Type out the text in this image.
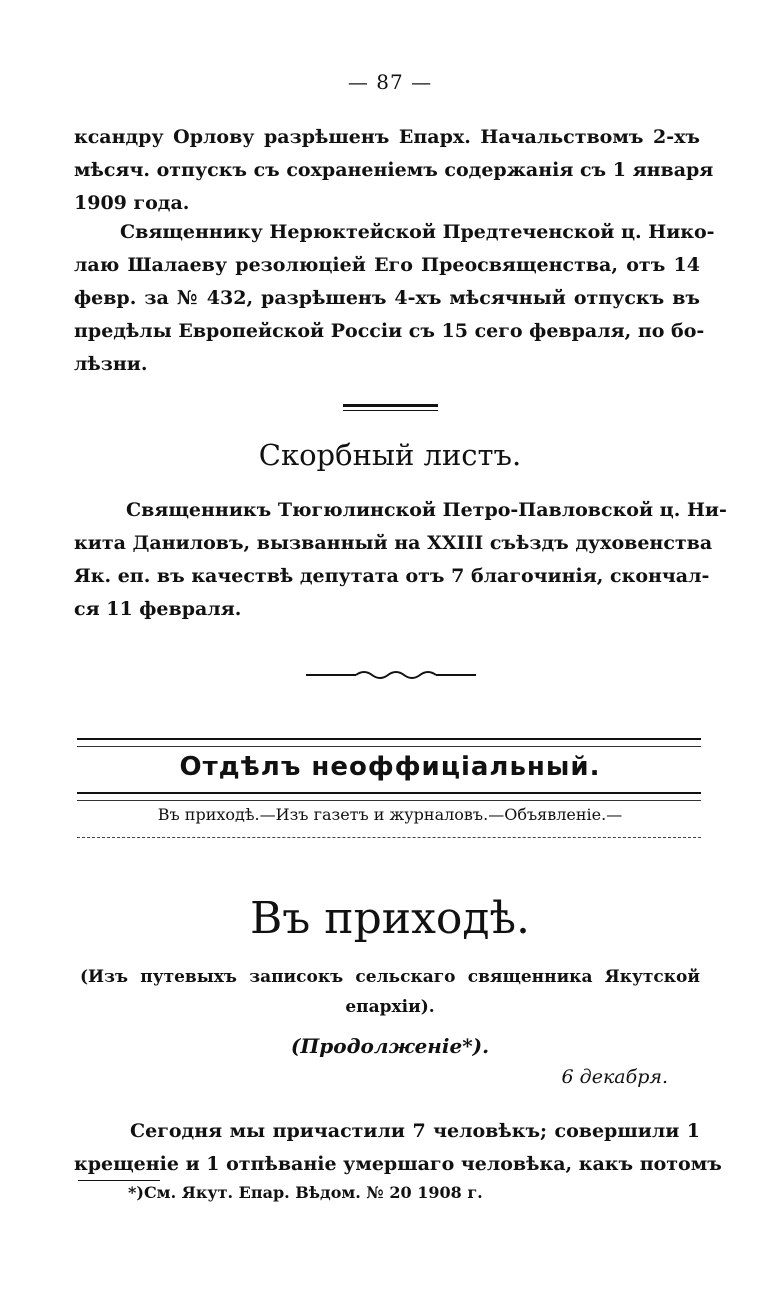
— 87 —
ксандру Орлову разрѣшенъ Епарх. Начальствомъ 2-хъ
мѣсяч. отпускъ съ сохраненіемъ содержанія съ 1 января
1909 года.
Священнику Нерюктейской Предтеченской ц. Нико-
лаю Шалаеву резолюціей Его Преосвященства, отъ 14
февр. за № 432, разрѣшенъ 4-хъ мѣсячный отпускъ въ
предѣлы Европейской Россіи съ 15 сего февраля, по бо-
лѣзни.
Скорбный листъ.
Священникъ Тюгюлинской Петро-Павловской ц. Ни-
кита Даниловъ, вызванный на XXIII съѣздъ духовенства
Як. еп. въ качествѣ депутата отъ 7 благочинія, скончал-
ся 11 февраля.
Отдѣлъ неоффиціальный.
Въ приходѣ.—Изъ газетъ и журналовъ.—Объявленіе.—
Въ приходѣ.
(Изъ путевыхъ записокъ сельскаго священника Якутской
епархіи).
(Продолженіе*).
6 декабря.
Сегодня мы причастили 7 человѣкъ; совершили 1
крещеніе и 1 отпѣваніе умершаго человѣка, какъ потомъ
*)См. Якут. Епар. Вѣдом. № 20 1908 г.
